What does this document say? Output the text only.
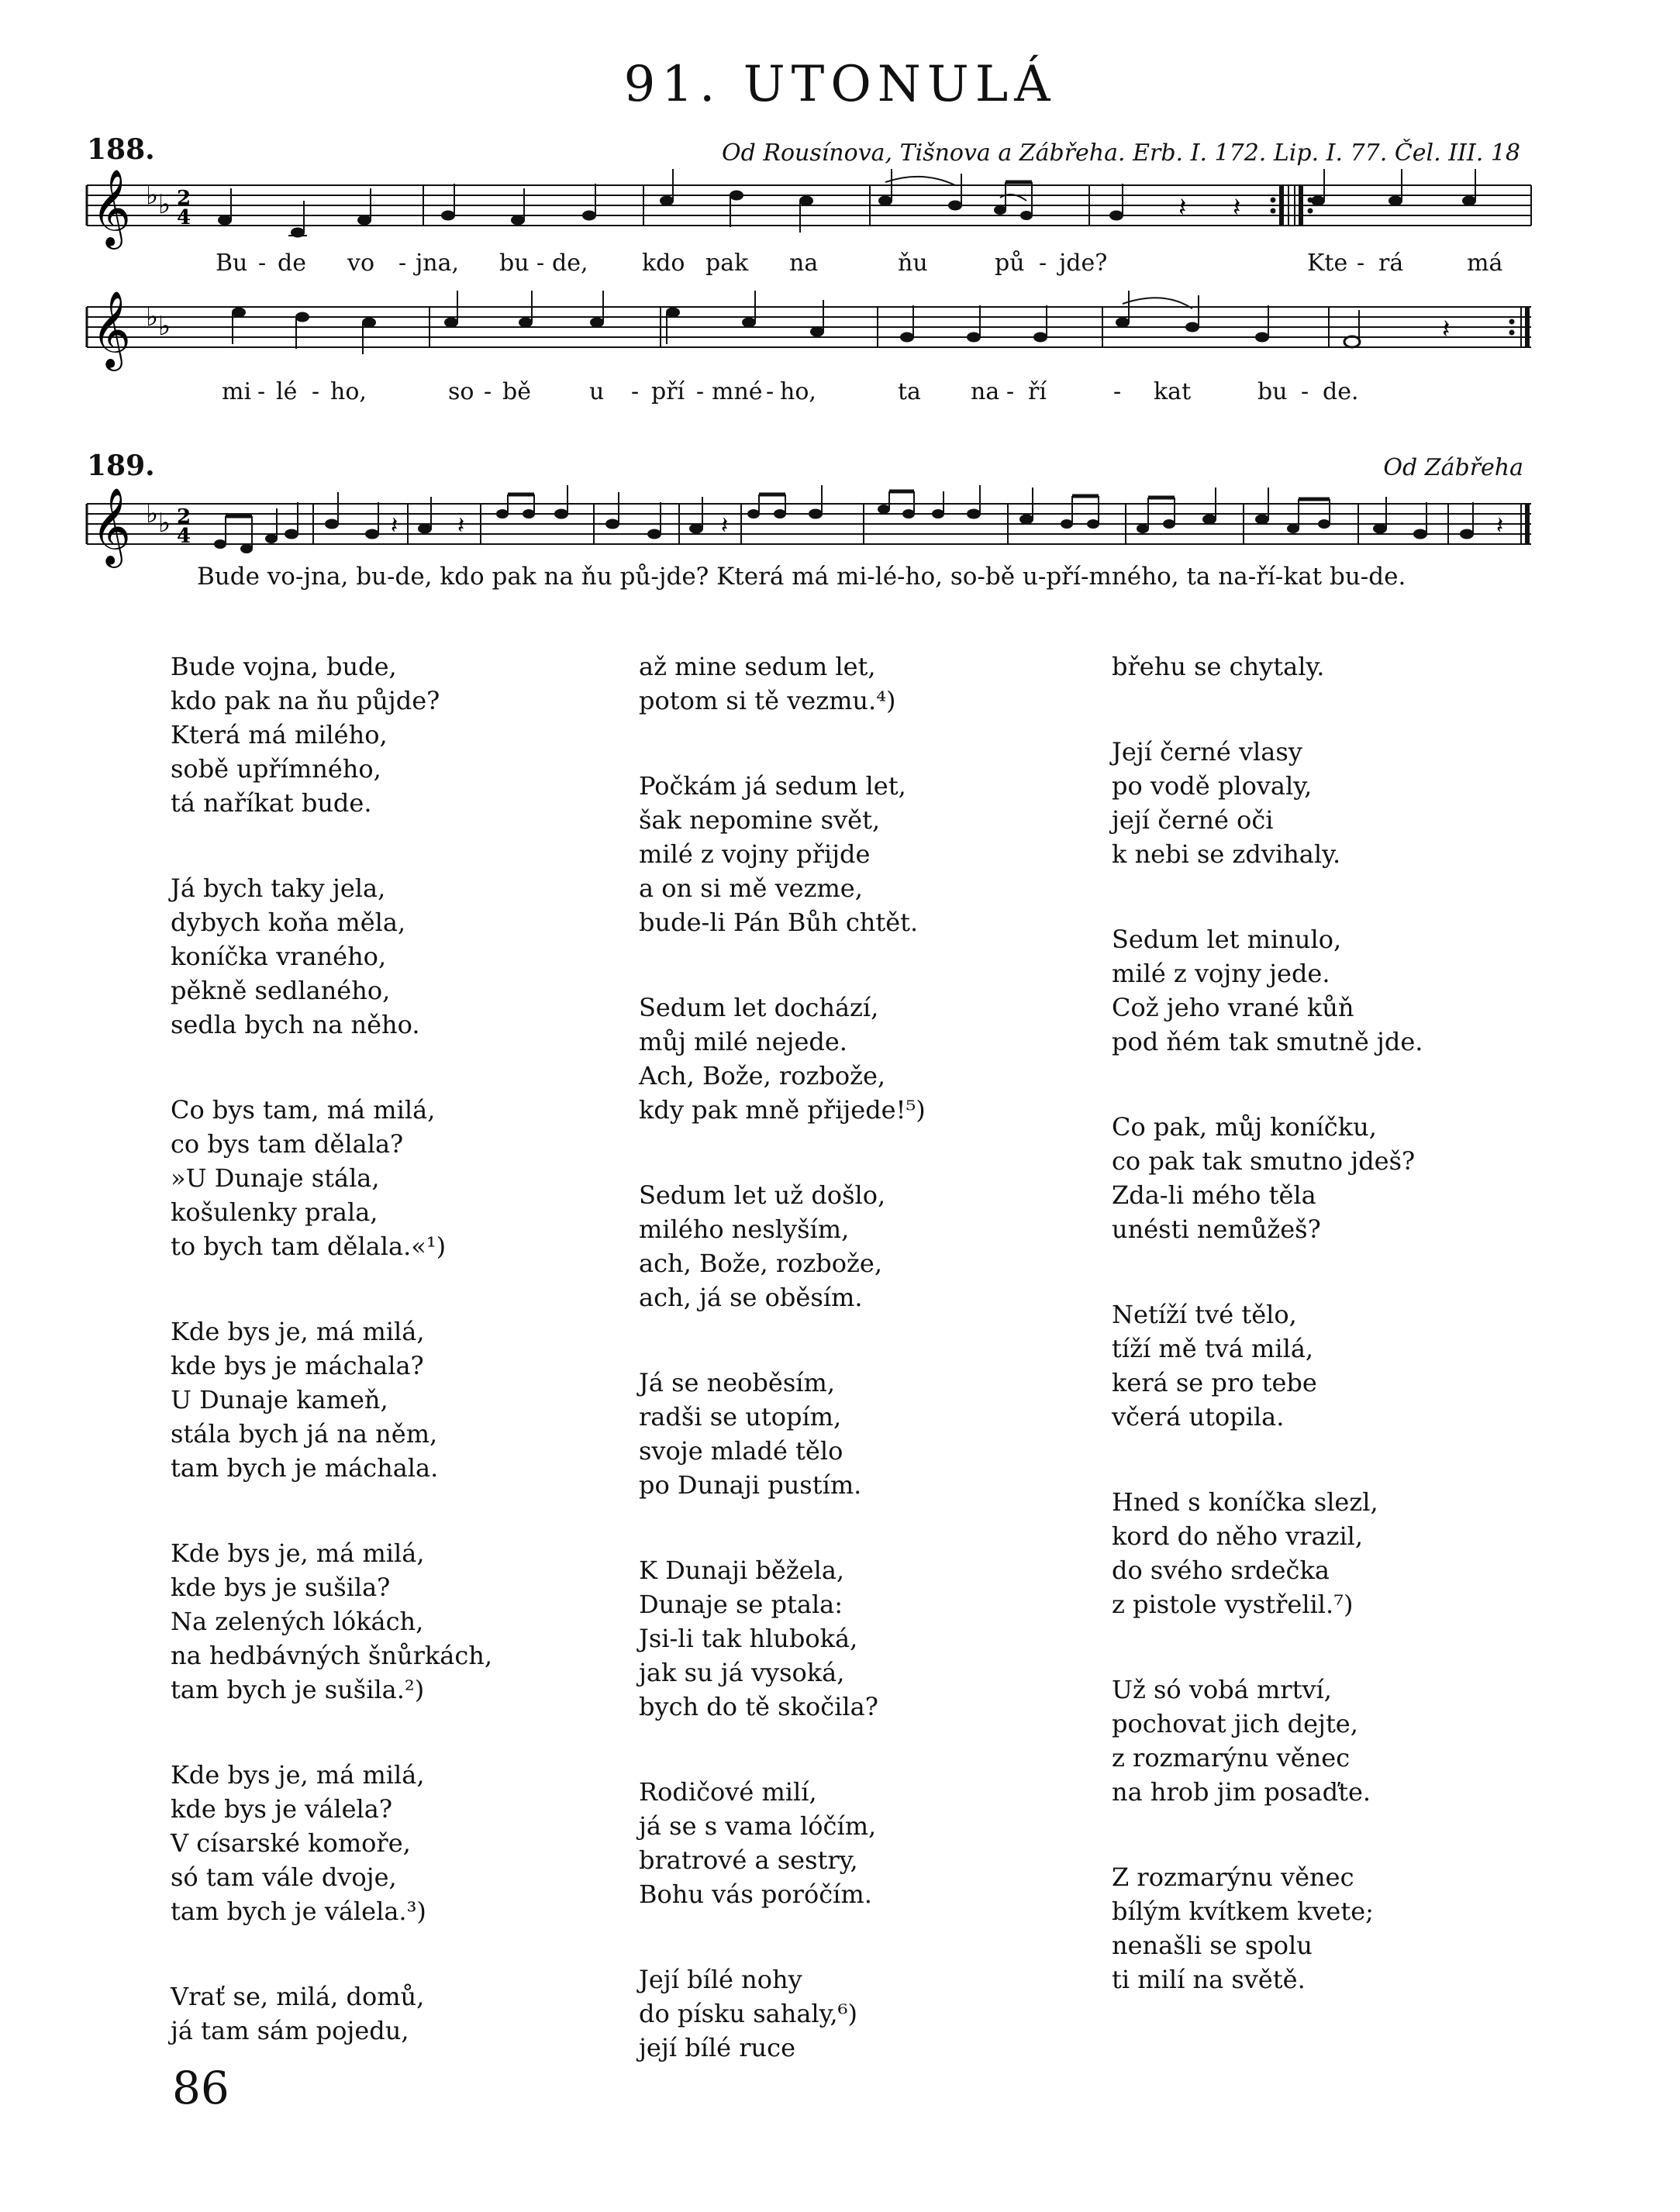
91. UTONULÁ
188.	Od Rousínova, Tišnova a Zábřeha. Erb. I. 172. Lip. I. 77. Čel. III. 18
𝄞 ♭ ♭ 2
4	𝄽 𝄽
Bu - de vo - jna, bu - de, kdo pak na	ňu	pů - jde?	Kte - rá	má
𝄞 ♭ ♭	𝄽
mi - lé - ho,	so - bě	u - pří - mné - ho,	ta na - ří	- kat	bu - de.
189.	Od Zábřeha
𝄞 ♭ ♭ 2
4	𝄽	𝄽	𝄽	𝄽
Bude vo-jna, bu-de, kdo pak na ňu pů-jde? Která má mi-lé-ho, so-bě u-pří-mného, ta na-ří-kat bu-de.
Bude vojna, bude,
kdo pak na ňu půjde?
Která má milého,
sobě upřímného,
tá naříkat bude.
Já bych taky jela,
dybych koňa měla,
koníčka vraného,
pěkně sedlaného,
sedla bych na něho.
Co bys tam, má milá,
co bys tam dělala?
»U Dunaje stála,
košulenky prala,
to bych tam dělala.«¹)
Kde bys je, má milá,
kde bys je máchala?
U Dunaje kameň,
stála bych já na něm,
tam bych je máchala.
Kde bys je, má milá,
kde bys je sušila?
Na zelených lókách,
na hedbávných šnůrkách,
tam bych je sušila.²)
Kde bys je, má milá,
kde bys je válela?
V císarské komoře,
só tam vále dvoje,
tam bych je válela.³)
Vrať se, milá, domů,
já tam sám pojedu,
až mine sedum let,
potom si tě vezmu.⁴)
Počkám já sedum let,
šak nepomine svět,
milé z vojny přijde
a on si mě vezme,
bude-li Pán Bůh chtět.
Sedum let dochází,
můj milé nejede.
Ach, Bože, rozbože,
kdy pak mně přijede!⁵)
Sedum let už došlo,
milého neslyším,
ach, Bože, rozbože,
ach, já se oběsím.
Já se neoběsím,
radši se utopím,
svoje mladé tělo
po Dunaji pustím.
K Dunaji běžela,
Dunaje se ptala:
Jsi-li tak hluboká,
jak su já vysoká,
bych do tě skočila?
Rodičové milí,
já se s vama lóčím,
bratrové a sestry,
Bohu vás poróčím.
Její bílé nohy
do písku sahaly,⁶)
její bílé ruce
břehu se chytaly.
Její černé vlasy
po vodě plovaly,
její černé oči
k nebi se zdvihaly.
Sedum let minulo,
milé z vojny jede.
Což jeho vrané kůň
pod ňém tak smutně jde.
Co pak, můj koníčku,
co pak tak smutno jdeš?
Zda-li mého těla
unésti nemůžeš?
Netíží tvé tělo,
tíží mě tvá milá,
kerá se pro tebe
včerá utopila.
Hned s koníčka slezl,
kord do něho vrazil,
do svého srdečka
z pistole vystřelil.⁷)
Už só vobá mrtví,
pochovat jich dejte,
z rozmarýnu věnec
na hrob jim posaďte.
Z rozmarýnu věnec
bílým kvítkem kvete;
nenašli se spolu
ti milí na světě.
86
